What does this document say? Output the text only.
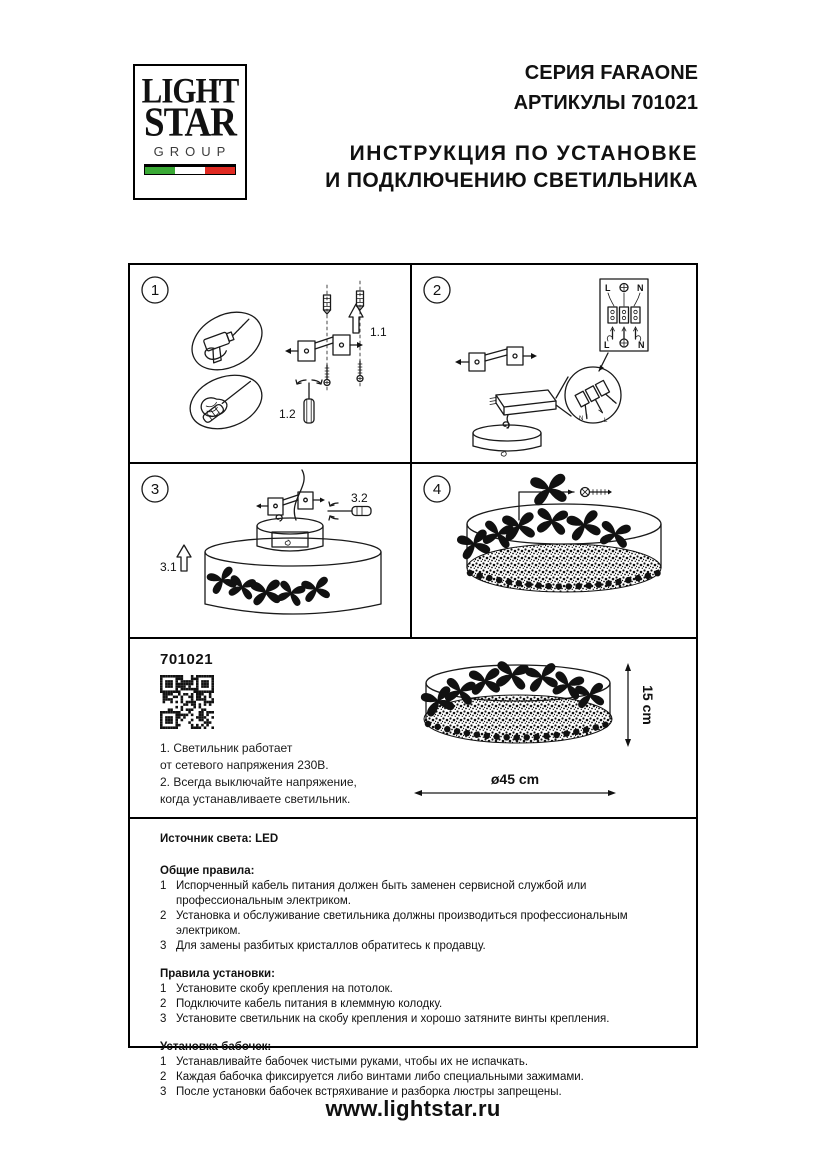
LIGHT
STAR
GROUP
СЕРИЯ FARAONE
АРТИКУЛЫ 701021
ИНСТРУКЦИЯ ПО УСТАНОВКЕ
И ПОДКЛЮЧЕНИЮ СВЕТИЛЬНИКА
1
1.1
1.2
2
N	L
L	N
L	N
3	3.2
3.1
4
701021
1. Светильник работает
от сетевого напряжения 230В.
2. Всегда выключайте напряжение,
когда устанавливаете светильник.
15 cm
ø45 cm
Источник света: LED
Общие правила:
1 Испорченный кабель питания должен быть заменен сервисной службой или профессиональным электриком.
2 Установка и обслуживание светильника должны производиться профессиональным электриком.
3 Для замены разбитых кристаллов обратитесь к продавцу.
Правила установки:
1 Установите скобу крепления на потолок.
2 Подключите кабель питания в клеммную колодку.
3 Установите светильник на скобу крепления и хорошо затяните винты крепления.
Установка бабочек:
1 Устанавливайте бабочек чистыми руками, чтобы их не испачкать.
2 Каждая бабочка фиксируется либо винтами либо специальными зажимами.
3 После установки бабочек встряхивание и разборка люстры запрещены.
www.lightstar.ru
